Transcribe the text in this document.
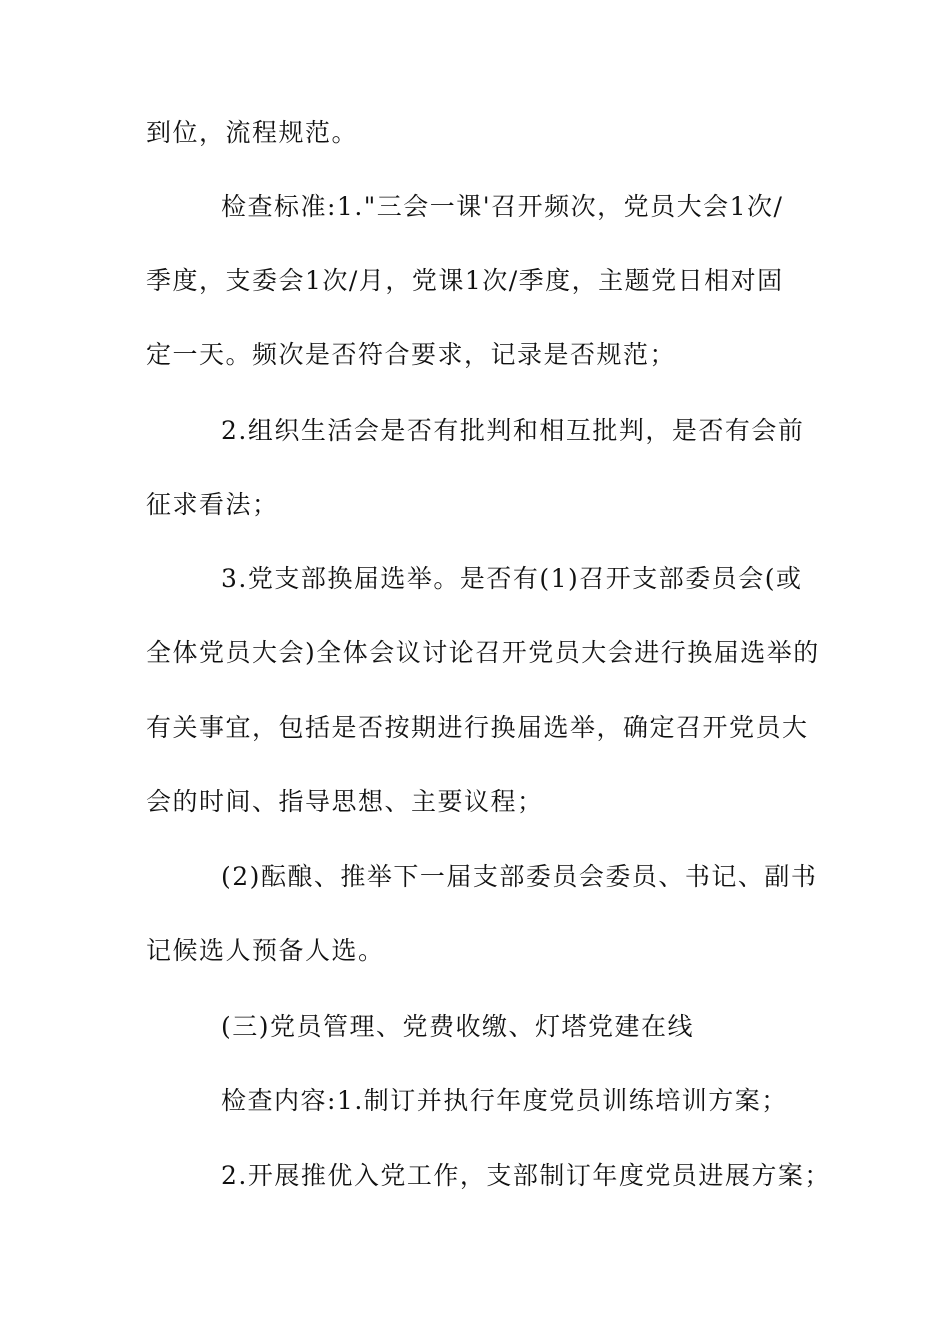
到位，流程规范。
检查标准:1."三会一课'召开频次，党员大会1次/
季度，支委会1次/月，党课1次/季度，主题党日相对固
定一天。频次是否符合要求，记录是否规范；
2.组织生活会是否有批判和相互批判，是否有会前
征求看法；
3.党支部换届选举。是否有(1)召开支部委员会(或
全体党员大会)全体会议讨论召开党员大会进行换届选举的
有关事宜，包括是否按期进行换届选举，确定召开党员大
会的时间、指导思想、主要议程；
(2)酝酿、推举下一届支部委员会委员、书记、副书
记候选人预备人选。
(三)党员管理、党费收缴、灯塔党建在线
检查内容:1.制订并执行年度党员训练培训方案；
2.开展推优入党工作，支部制订年度党员进展方案；
